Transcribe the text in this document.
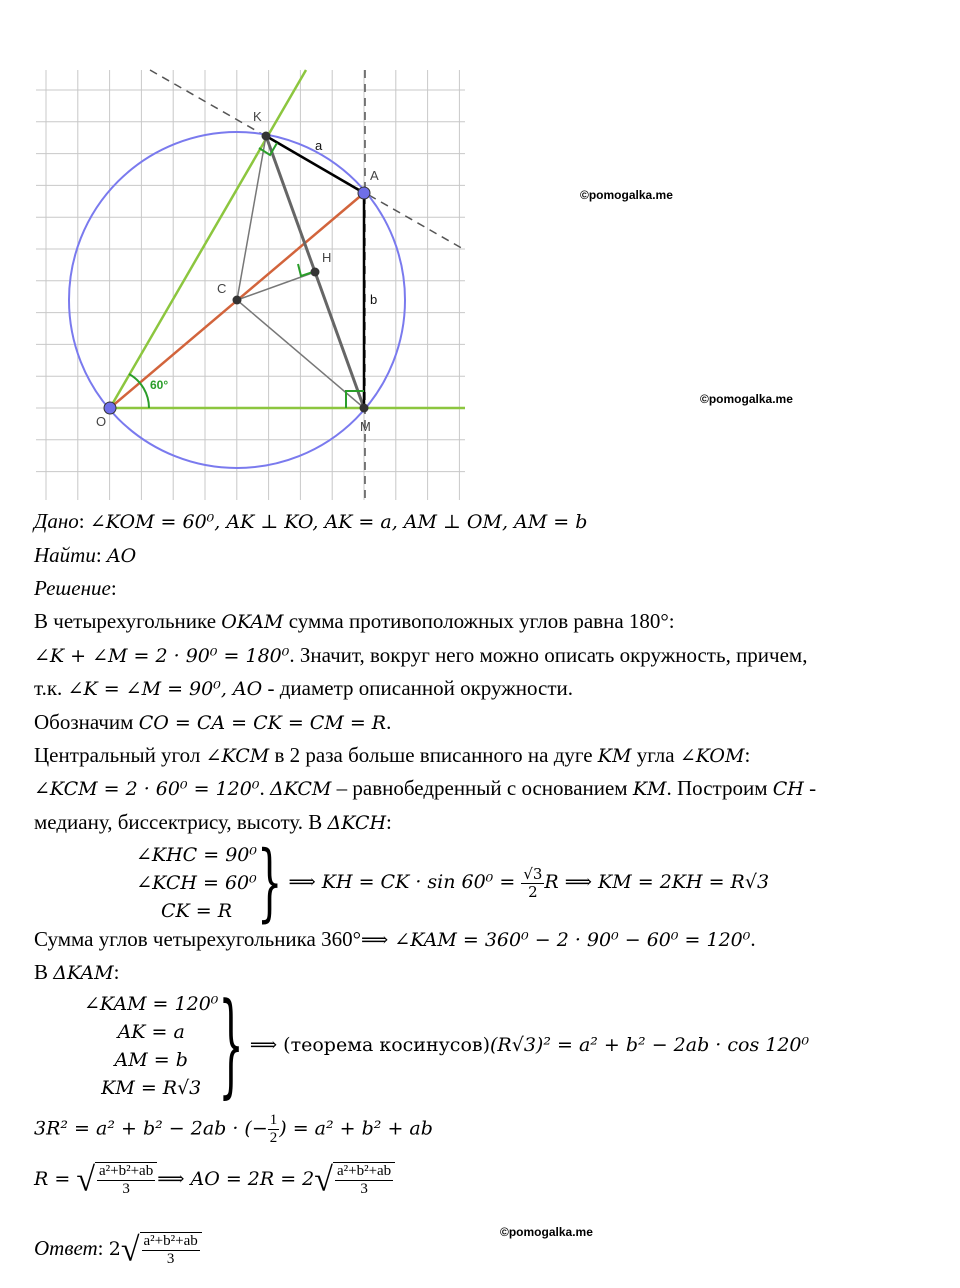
60°
K
A
H
C
O	M
a
b
©pomogalka.me
©pomogalka.me
©pomogalka.me
Дано: ∠KOM = 60⁰, AK ⊥ KO, AK = a, AM ⊥ OM, AM = b
Найти: AO
Решение:
В четырехугольнике OKAM сумма противоположных углов равна 180°:
∠K + ∠M = 2 · 90⁰ = 180⁰. Значит, вокруг него можно описать окружность, причем,
т.к. ∠K = ∠M = 90⁰, AO - диаметр описанной окружности.
Обозначим CO = CA = CK = CM = R.
Центральный угол ∠KCM в 2 раза больше вписанного на дуге KM угла ∠KOM:
∠KCM = 2 · 60⁰ = 120⁰. ΔKCM – равнобедренный с основанием KM. Построим CH -
медиану, биссектрису, высоту. В ΔKCH:
∠KHC = 90⁰
∠KCH = 60⁰
CK = R } ⟹ KH = CK · $\sin 60^0 = \frac{√3}{2}$ R ⟹ KM = 2KH = R√3
Сумма углов четырехугольника 360°⟹ ∠KAM = 360⁰ − 2 · 90⁰ − 60⁰ = 120⁰.
В ΔKAM:
∠KAM = 120⁰
AK = a
AM = b
KM = R√3 } ⟹ (теорема косинусов)(R√3)² = a² + b² − 2ab · cos 120⁰
3R² = a² + b² − 2ab · (− $\frac{1}{2}$ ) = a² + b² + ab
R = √ $\frac{\text{a²+b²+ab}}{3}$ ⟹ AO = $2R = 2√ \frac{\text{a²+b²+ab}}{3}$
Ответ: $2√ \frac{\text{a²+b²+ab}}{3}$
